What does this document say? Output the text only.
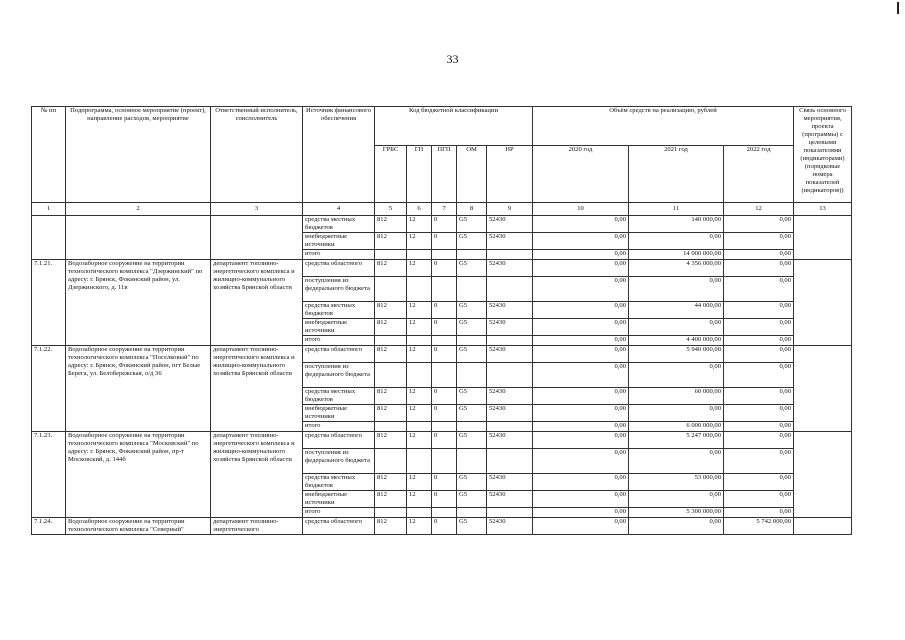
33
№ пп	Подпрограмма, основное мероприятие (проект), направление расходов, мероприятие	Ответственный исполнитель, соисполнитель	Источник финансового обеспечения	Код бюджетной классификации					Объём средств на реализацию, рублей			Связь основного мероприятия, проекта (программы) с целевыми показателями (индикаторами) (порядковые номера показателей (индикаторов))
				ГРБС	ГП	ПГП	ОМ	НР	2020 год	2021 год	2022 год	
1	2	3	4	5	6	7	8	9	10	11	12	13
			средства местных бюджетов	812	12	0	G5	52430	0,00	140 000,00	0,00	
			внебюджетные источники	812	12	0	G5	52430	0,00	0,00	0,00	
			итого						0,00	14 000 000,00	0,00	
7.1.21.	Водозаборное сооружение на территории технологического комплекса "Дзержинский" по адресу: г. Брянск, Фокинский район, ул. Дзержинского, д. 11в	департамент топливно-энергетического комплекса и жилищно-коммунального хозяйства Брянской области	средства областного	812	12	0	G5	52430	0,00	4 356 000,00	0,00	
			поступления из федерального бюджета						0,00	0,00	0,00	
			средства местных бюджетов	812	12	0	G5	52430	0,00	44 000,00	0,00	
			внебюджетные источники	812	12	0	G5	52430	0,00	0,00	0,00	
			итого						0,00	4 400 000,00	0,00	
7.1.22.	Водозаборное сооружение на территории технологического комплекса "Поселковый" по адресу: г. Брянск, Фокинский район, пгт Белые Берега, ул. Белобережская, о/д 36	департамент топливно-энергетического комплекса и жилищно-коммунального хозяйства Брянской области	средства областного	812	12	0	G5	52430	0,00	5 940 000,00	0,00	
			поступления из федерального бюджета						0,00	0,00	0,00	
			средства местных бюджетов	812	12	0	G5	52430	0,00	60 000,00	0,00	
			внебюджетные источники	812	12	0	G5	52430	0,00	0,00	0,00	
			итого						0,00	6 000 000,00	0,00	
7.1.23.	Водозаборное сооружение на территории технологического комплекса "Московский" по адресу: г. Брянск, Фокинский район, пр-т Московский, д. 144б	департамент топливно-энергетического комплекса и жилищно-коммунального хозяйства Брянской области	средства областного	812	12	0	G5	52430	0,00	5 247 000,00	0,00	
			поступления из федерального бюджета						0,00	0,00	0,00	
			средства местных бюджетов	812	12	0	G5	52430	0,00	53 000,00	0,00	
			внебюджетные источники	812	12	0	G5	52430	0,00	0,00	0,00	
			итого						0,00	5 300 000,00	0,00	
7.1.24.	Водозаборное сооружение на территории технологического комплекса "Северный"	департамент топливно-энергетического	средства областного	812	12	0	G5	52430	0,00	0,00	5 742 000,00	
